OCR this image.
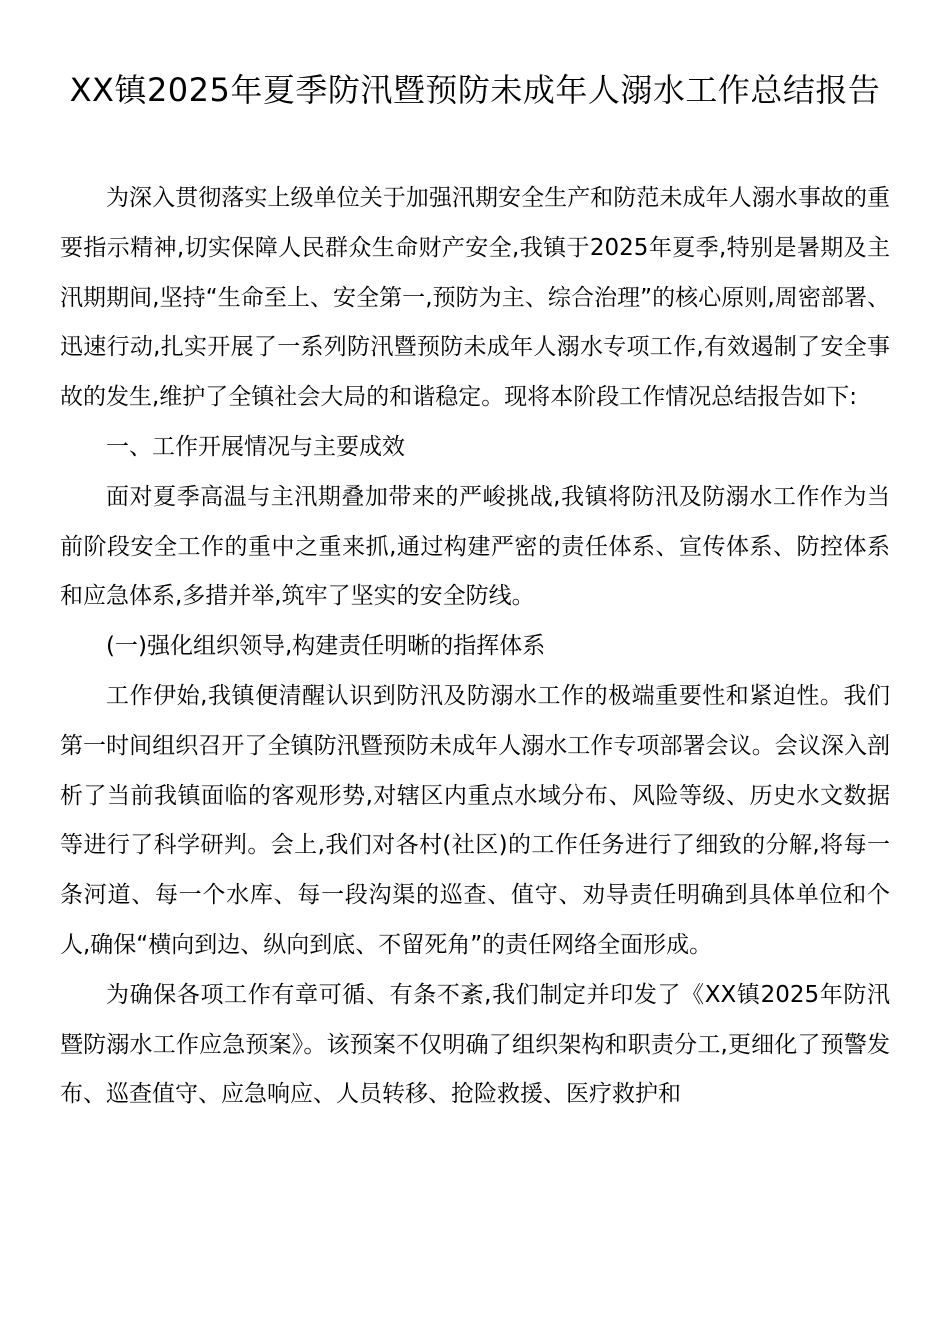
XX镇2025年夏季防汛暨预防未成年人溺水工作总结报告

为深入贯彻落实上级单位关于加强汛期安全生产和防范未成年人溺水事故的重要指示精神,切实保障人民群众生命财产安全,我镇于2025年夏季,特别是暑期及主汛期期间,坚持“生命至上、安全第一,预防为主、综合治理”的核心原则,周密部署、迅速行动,扎实开展了一系列防汛暨预防未成年人溺水专项工作,有效遏制了安全事故的发生,维护了全镇社会大局的和谐稳定。现将本阶段工作情况总结报告如下:

一、工作开展情况与主要成效

面对夏季高温与主汛期叠加带来的严峻挑战,我镇将防汛及防溺水工作作为当前阶段安全工作的重中之重来抓,通过构建严密的责任体系、宣传体系、防控体系和应急体系,多措并举,筑牢了坚实的安全防线。

(一)强化组织领导,构建责任明晰的指挥体系

工作伊始,我镇便清醒认识到防汛及防溺水工作的极端重要性和紧迫性。我们第一时间组织召开了全镇防汛暨预防未成年人溺水工作专项部署会议。会议深入剖析了当前我镇面临的客观形势,对辖区内重点水域分布、风险等级、历史水文数据等进行了科学研判。会上,我们对各村(社区)的工作任务进行了细致的分解,将每一条河道、每一个水库、每一段沟渠的巡查、值守、劝导责任明确到具体单位和个人,确保“横向到边、纵向到底、不留死角”的责任网络全面形成。

为确保各项工作有章可循、有条不紊,我们制定并印发了《XX镇2025年防汛暨防溺水工作应急预案》。该预案不仅明确了组织架构和职责分工,更细化了预警发布、巡查值守、应急响应、人员转移、抢险救援、医疗救护和
